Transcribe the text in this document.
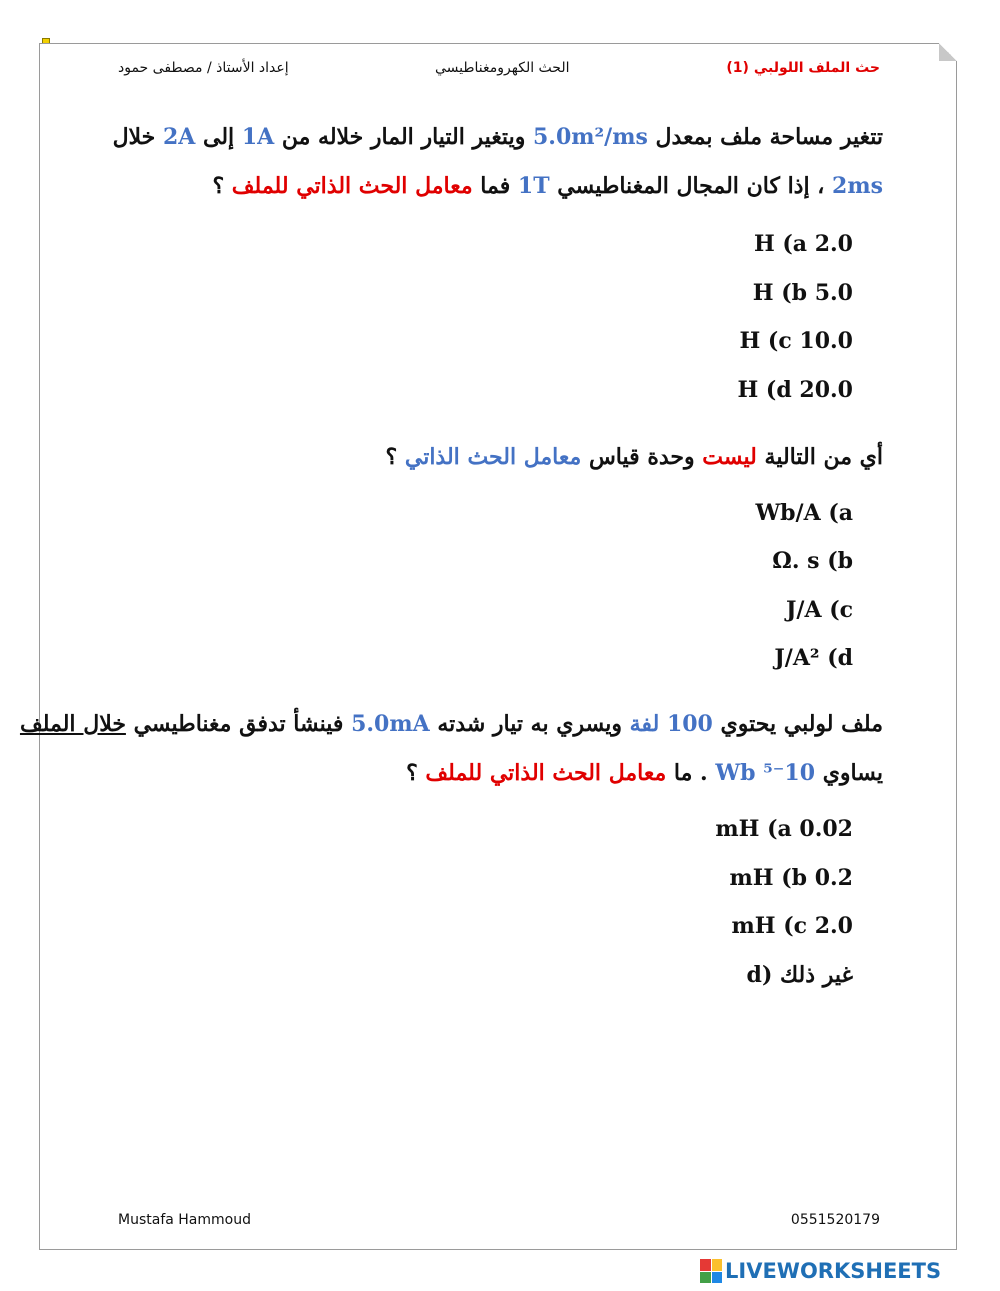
حث الملف اللولبي (1)
الحث الكهرومغناطيسي
إعداد الأستاذ / مصطفى حمود
تتغير مساحة ملف بمعدل 5.0m²/ms ويتغير التيار المار خلاله من 1A إلى 2A خلال
2ms ، إذا كان المجال المغناطيسي 1T فما معامل الحث الذاتي للملف ؟
2.0 H (a
5.0 H (b
10.0 H (c
20.0 H (d
أي من التالية ليست وحدة قياس معامل الحث الذاتي ؟
Wb/A (a
Ω. s (b
J/A (c
J/A² (d
ملف لولبي يحتوي 100 لفة ويسري به تيار شدته 5.0mA فينشأ تدفق مغناطيسي خلال الملف
يساوي 10⁻⁵ Wb . ما معامل الحث الذاتي للملف ؟
0.02 mH (a
0.2 mH (b
2.0 mH (c
غير ذلك (d
Mustafa Hammoud	0551520179
LIVEWORKSHEETS
